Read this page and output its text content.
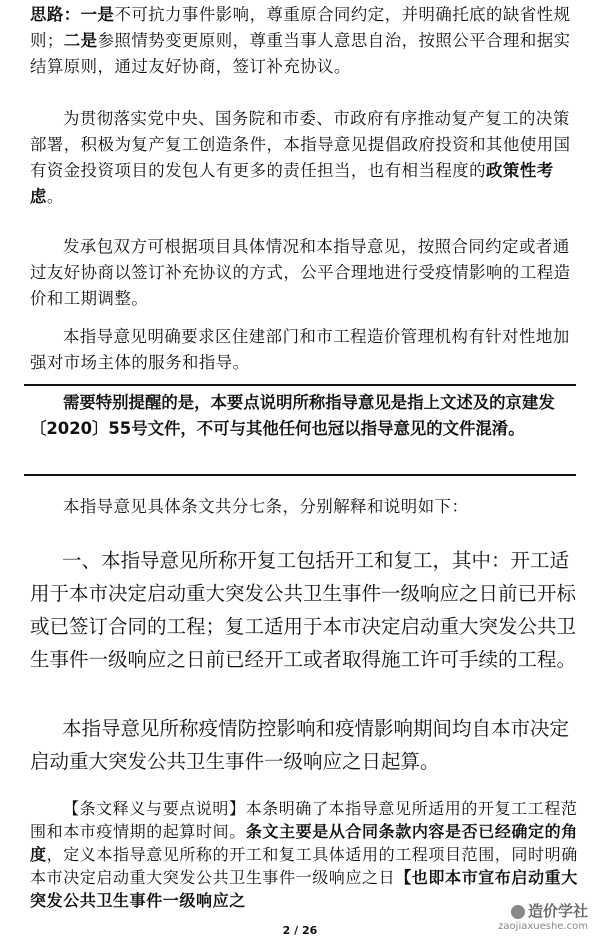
思路：一是不可抗力事件影响，尊重原合同约定，并明确托底的缺省性规则；二是参照情势变更原则，尊重当事人意思自治，按照公平合理和据实结算原则，通过友好协商，签订补充协议。

为贯彻落实党中央、国务院和市委、市政府有序推动复产复工的决策部署，积极为复产复工创造条件，本指导意见提倡政府投资和其他使用国有资金投资项目的发包人有更多的责任担当，也有相当程度的政策性考虑。

发承包双方可根据项目具体情况和本指导意见，按照合同约定或者通过友好协商以签订补充协议的方式，公平合理地进行受疫情影响的工程造价和工期调整。

本指导意见明确要求区住建部门和市工程造价管理机构有针对性地加强对市场主体的服务和指导。

需要特别提醒的是，本要点说明所称指导意见是指上文述及的京建发〔2020〕55号文件，不可与其他任何也冠以指导意见的文件混淆。

本指导意见具体条文共分七条，分别解释和说明如下：

一、本指导意见所称开复工包括开工和复工，其中：开工适用于本市决定启动重大突发公共卫生事件一级响应之日前已开标或已签订合同的工程；复工适用于本市决定启动重大突发公共卫生事件一级响应之日前已经开工或者取得施工许可手续的工程。

本指导意见所称疫情防控影响和疫情影响期间均自本市决定启动重大突发公共卫生事件一级响应之日起算。

【条文释义与要点说明】本条明确了本指导意见所适用的开复工工程范围和本市疫情期的起算时间。条文主要是从合同条款内容是否已经确定的角度，定义本指导意见所称的开工和复工具体适用的工程项目范围，同时明确本市决定启动重大突发公共卫生事件一级响应之日【也即本市宣布启动重大突发公共卫生事件一级响应之

造价学社
zaojiaxueshe.com
2 / 26
